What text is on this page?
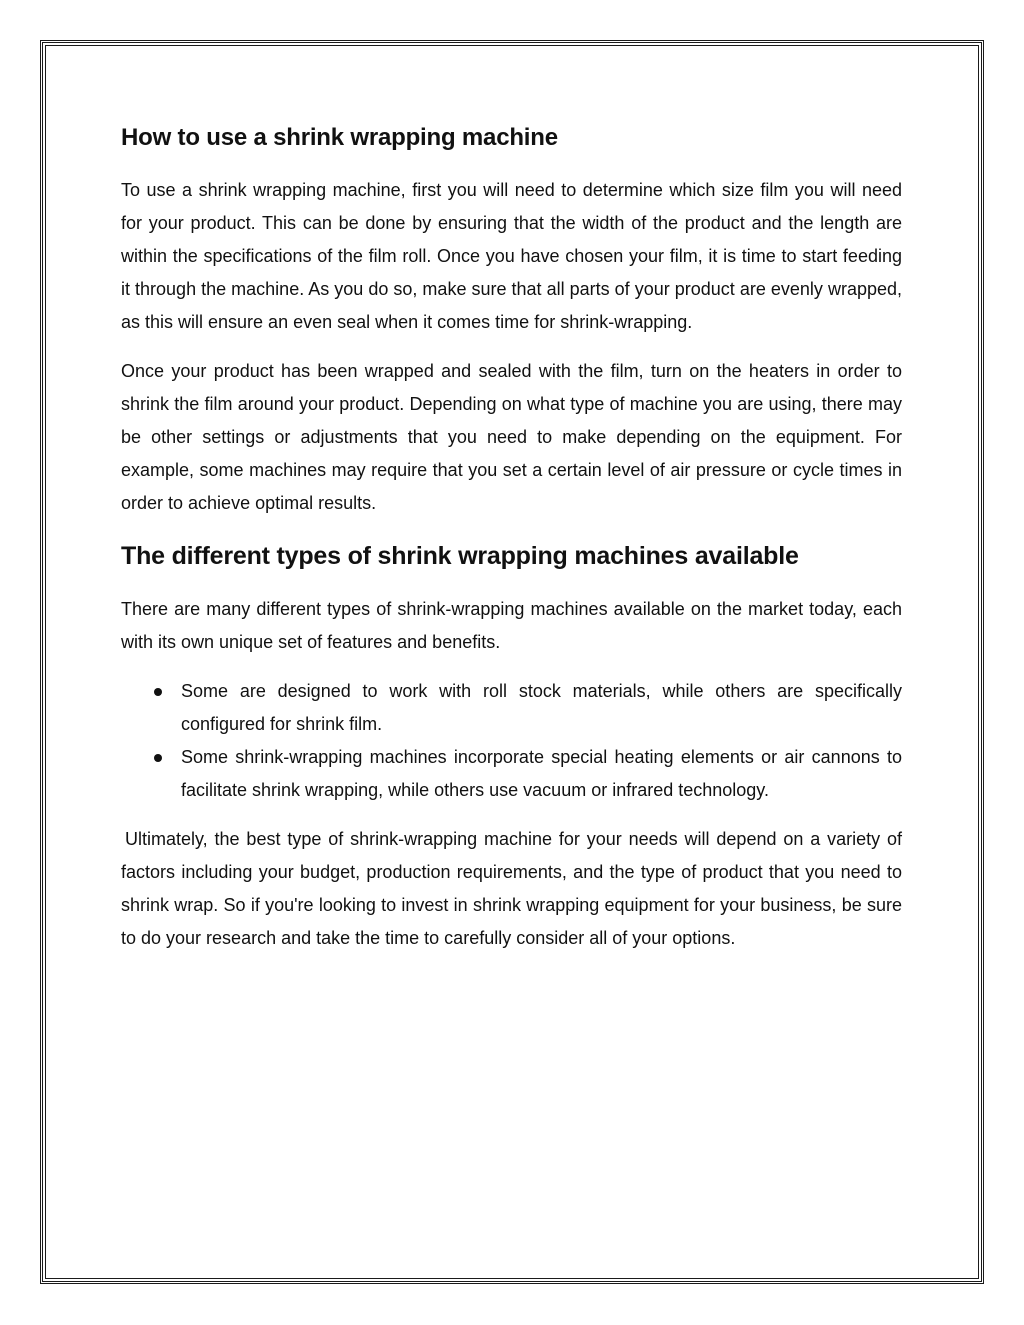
How to use a shrink wrapping machine

To use a shrink wrapping machine, first you will need to determine which size film you will need for your product. This can be done by ensuring that the width of the product and the length are within the specifications of the film roll. Once you have chosen your film, it is time to start feeding it through the machine. As you do so, make sure that all parts of your product are evenly wrapped, as this will ensure an even seal when it comes time for shrink-wrapping.

Once your product has been wrapped and sealed with the film, turn on the heaters in order to shrink the film around your product. Depending on what type of machine you are using, there may be other settings or adjustments that you need to make depending on the equipment. For example, some machines may require that you set a certain level of air pressure or cycle times in order to achieve optimal results.

The different types of shrink wrapping machines available

There are many different types of shrink-wrapping machines available on the market today, each with its own unique set of features and benefits.

Some are designed to work with roll stock materials, while others are specifically configured for shrink film.
Some shrink-wrapping machines incorporate special heating elements or air cannons to facilitate shrink wrapping, while others use vacuum or infrared technology.

Ultimately, the best type of shrink-wrapping machine for your needs will depend on a variety of factors including your budget, production requirements, and the type of product that you need to shrink wrap. So if you're looking to invest in shrink wrapping equipment for your business, be sure to do your research and take the time to carefully consider all of your options.
